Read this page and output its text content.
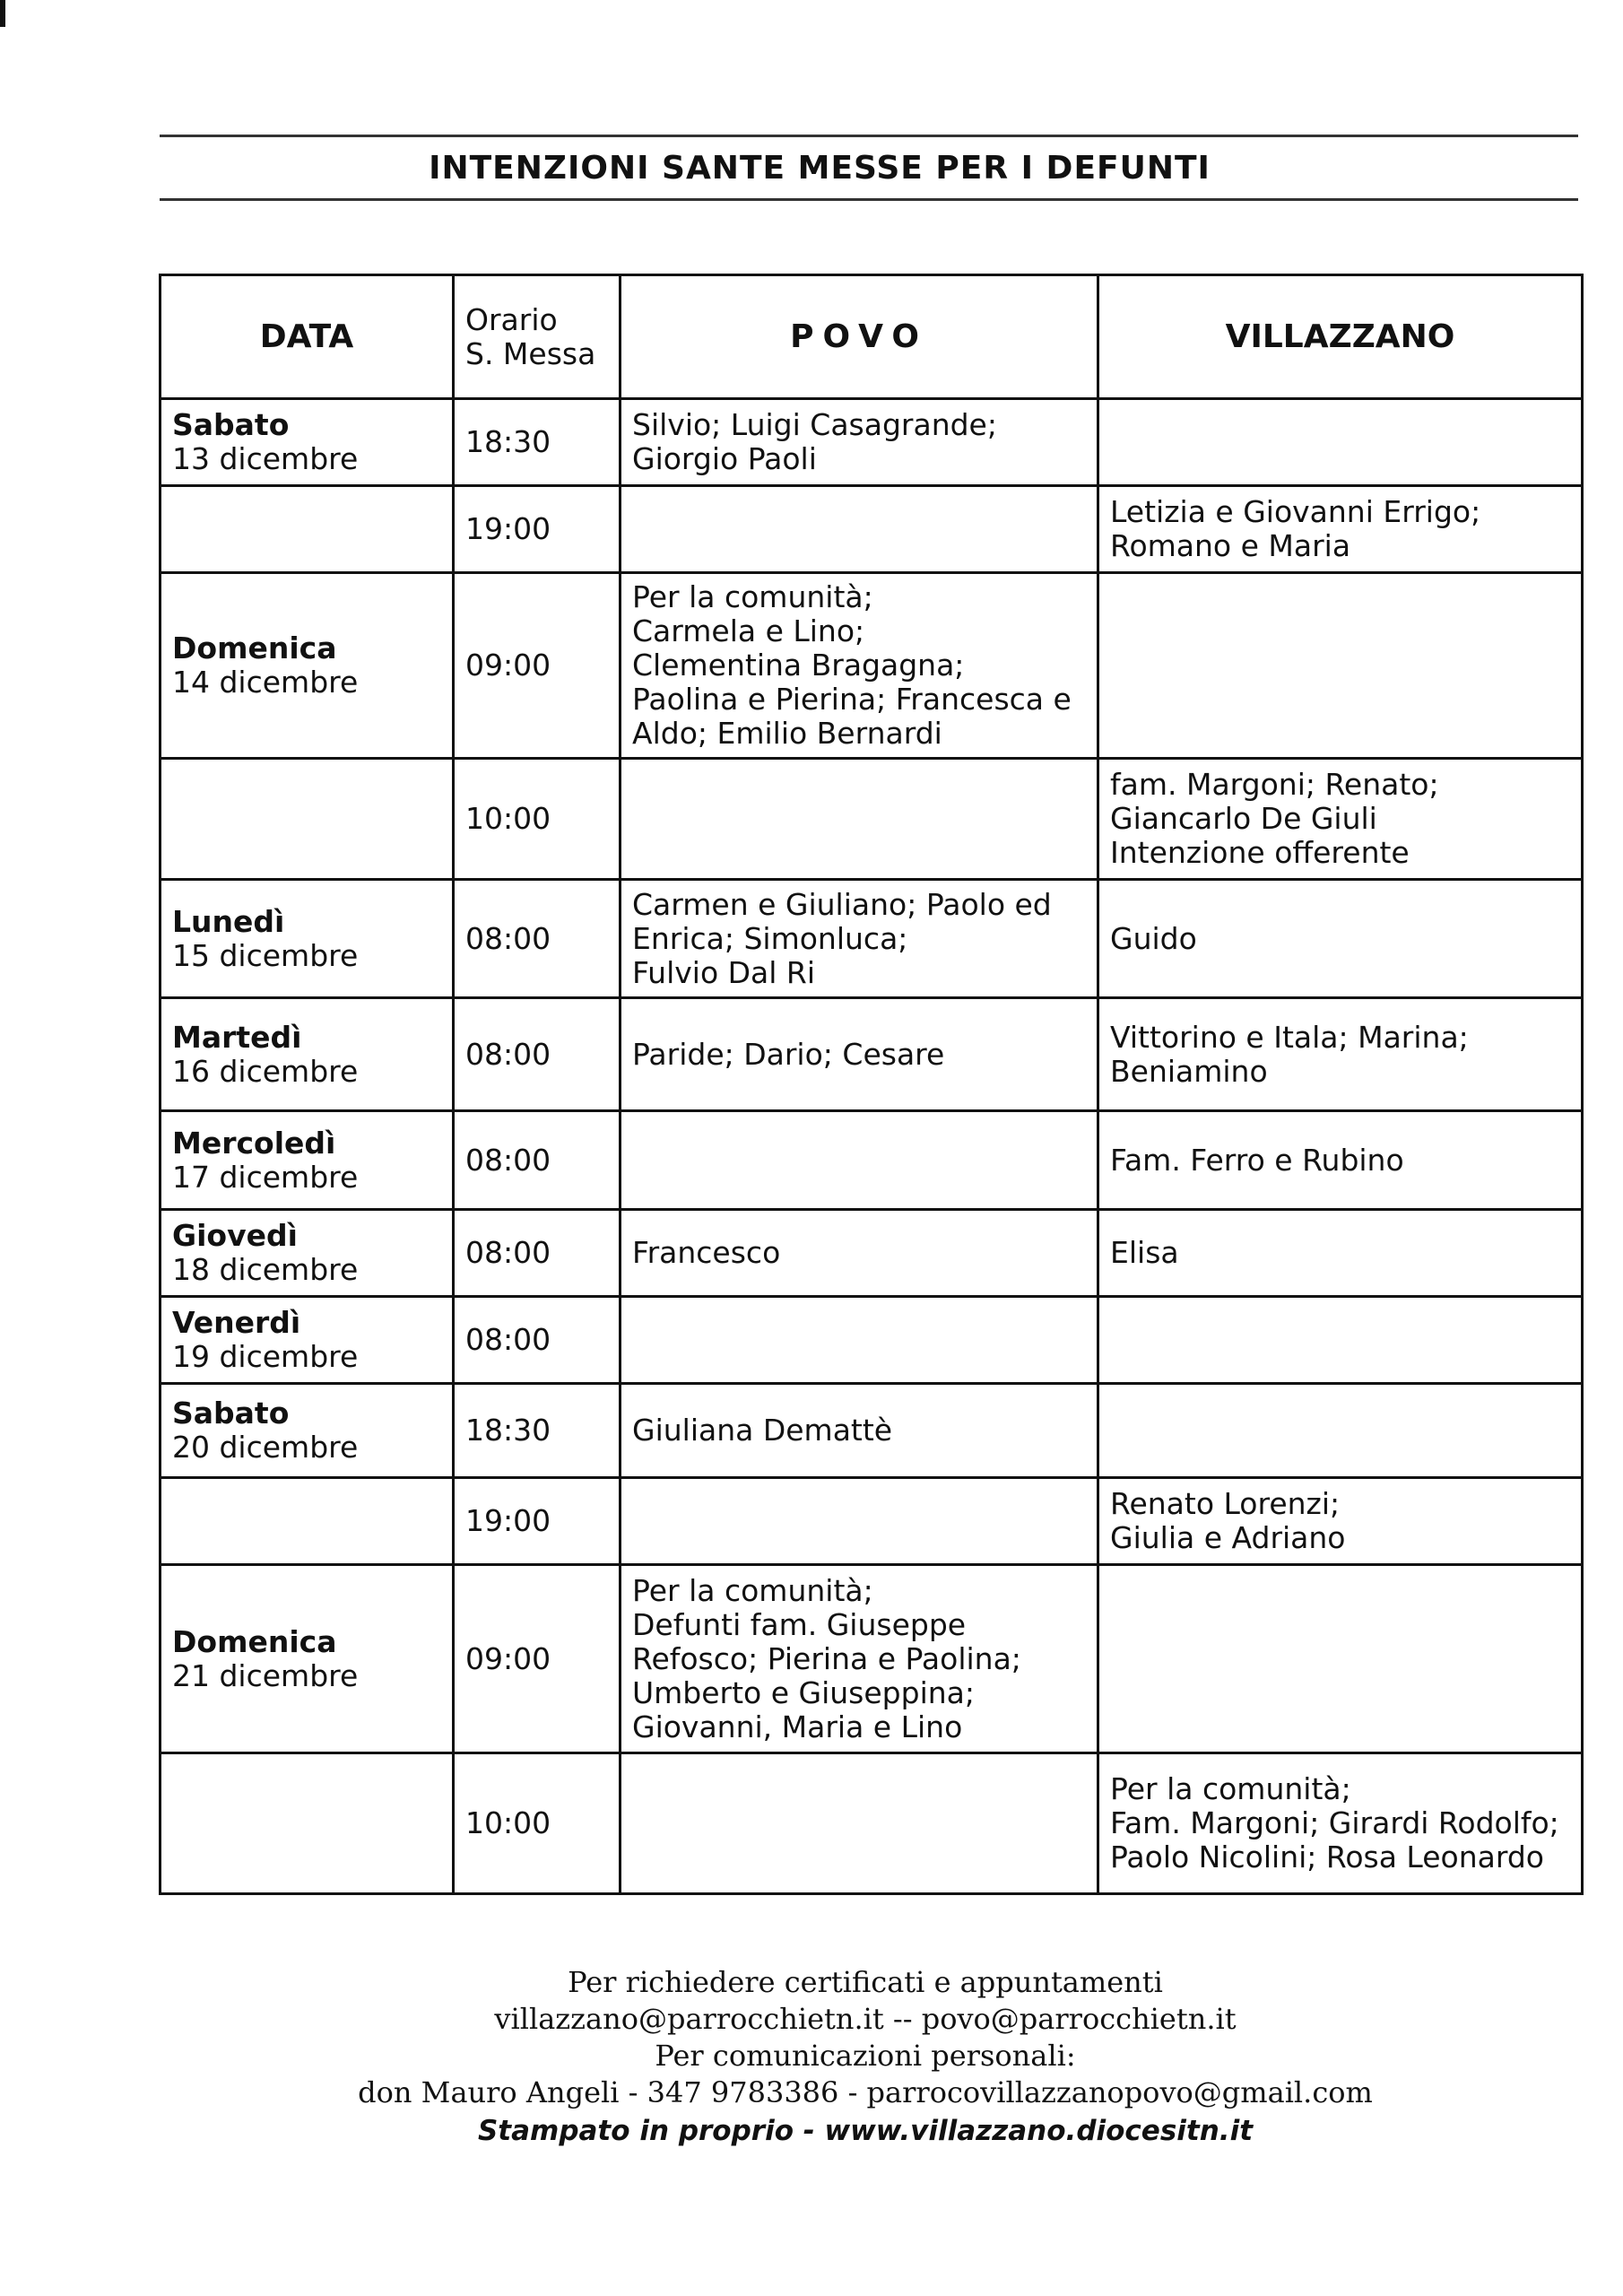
INTENZIONI SANTE MESSE PER I DEFUNTI
DATA	Orario
S. Messa	POVO	VILLAZZANO

Sabato
13 dicembre	18:30	Silvio; Luigi Casagrande;
Giorgio Paoli	

	19:00		Letizia e Giovanni Errigo;
Romano e Maria

Domenica
14 dicembre	09:00	Per la comunità;
Carmela e Lino;
Clementina Bragagna;
Paolina e Pierina; Francesca e
Aldo; Emilio Bernardi	

	10:00		fam. Margoni; Renato;
Giancarlo De Giuli
Intenzione offerente

Lunedì
15 dicembre	08:00	Carmen e Giuliano; Paolo ed
Enrica; Simonluca;
Fulvio Dal Ri	Guido

Martedì
16 dicembre	08:00	Paride; Dario; Cesare	Vittorino e Itala; Marina;
Beniamino

Mercoledì
17 dicembre	08:00		Fam. Ferro e Rubino

Giovedì
18 dicembre	08:00	Francesco	Elisa

Venerdì
19 dicembre	08:00		

Sabato
20 dicembre	18:30	Giuliana Demattè	

	19:00		Renato Lorenzi;
Giulia e Adriano

Domenica
21 dicembre	09:00	Per la comunità;
Defunti fam. Giuseppe
Refosco; Pierina e Paolina;
Umberto e Giuseppina;
Giovanni, Maria e Lino	

	10:00		Per la comunità;
Fam. Margoni; Girardi Rodolfo;
Paolo Nicolini; Rosa Leonardo
Per richiedere certificati e appuntamenti
villazzano@parrocchietn.it -- povo@parrocchietn.it
Per comunicazioni personali:
don Mauro Angeli - 347 9783386 - parrocovillazzanopovo@gmail.com
Stampato in proprio - www.villazzano.diocesitn.it
